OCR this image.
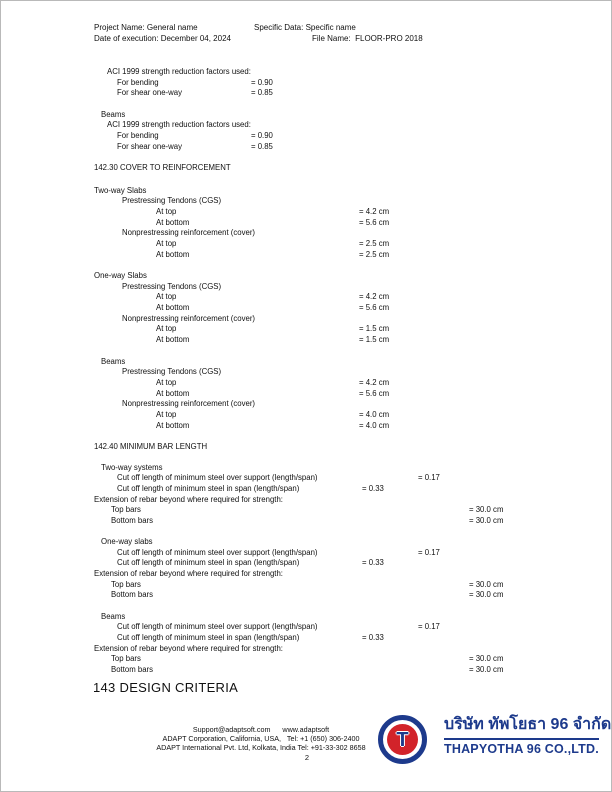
Project Name: General name	Specific Data: Specific name
Date of execution: December 04, 2024	File Name:  FLOOR-PRO 2018
ACI 1999 strength reduction factors used:
For bending	= 0.90
For shear one-way	= 0.85
Beams
ACI 1999 strength reduction factors used:
For bending	= 0.90
For shear one-way	= 0.85
142.30 COVER TO REINFORCEMENT
Two-way Slabs
Prestressing Tendons (CGS)
At top	= 4.2 cm
At bottom	= 5.6 cm
Nonprestressing reinforcement (cover)
At top	= 2.5 cm
At bottom	= 2.5 cm
One-way Slabs
Prestressing Tendons (CGS)
At top	= 4.2 cm
At bottom	= 5.6 cm
Nonprestressing reinforcement (cover)
At top	= 1.5 cm
At bottom	= 1.5 cm
Beams
Prestressing Tendons (CGS)
At top	= 4.2 cm
At bottom	= 5.6 cm
Nonprestressing reinforcement (cover)
At top	= 4.0 cm
At bottom	= 4.0 cm
142.40 MINIMUM BAR LENGTH
Two-way systems
Cut off length of minimum steel over support (length/span)	= 0.17
Cut off length of minimum steel in span (length/span)	= 0.33
Extension of rebar beyond where required for strength:
Top bars	= 30.0 cm
Bottom bars	= 30.0 cm
One-way slabs
Cut off length of minimum steel over support (length/span)	= 0.17
Cut off length of minimum steel in span (length/span)	= 0.33
Extension of rebar beyond where required for strength:
Top bars	= 30.0 cm
Bottom bars	= 30.0 cm
Beams
Cut off length of minimum steel over support (length/span)	= 0.17
Cut off length of minimum steel in span (length/span)	= 0.33
Extension of rebar beyond where required for strength:
Top bars	= 30.0 cm
Bottom bars	= 30.0 cm
143 DESIGN CRITERIA
Support@adaptsoft.com      www.adaptsoft
ADAPT Corporation, California, USA,   Tel: +1 (650) 306-2400
ADAPT International Pvt. Ltd, Kolkata, India Tel: +91-33-302 8658
2
T
บริษัท ทัพโยธา 96 จำกัด
THAPYOTHA 96 CO.,LTD.
